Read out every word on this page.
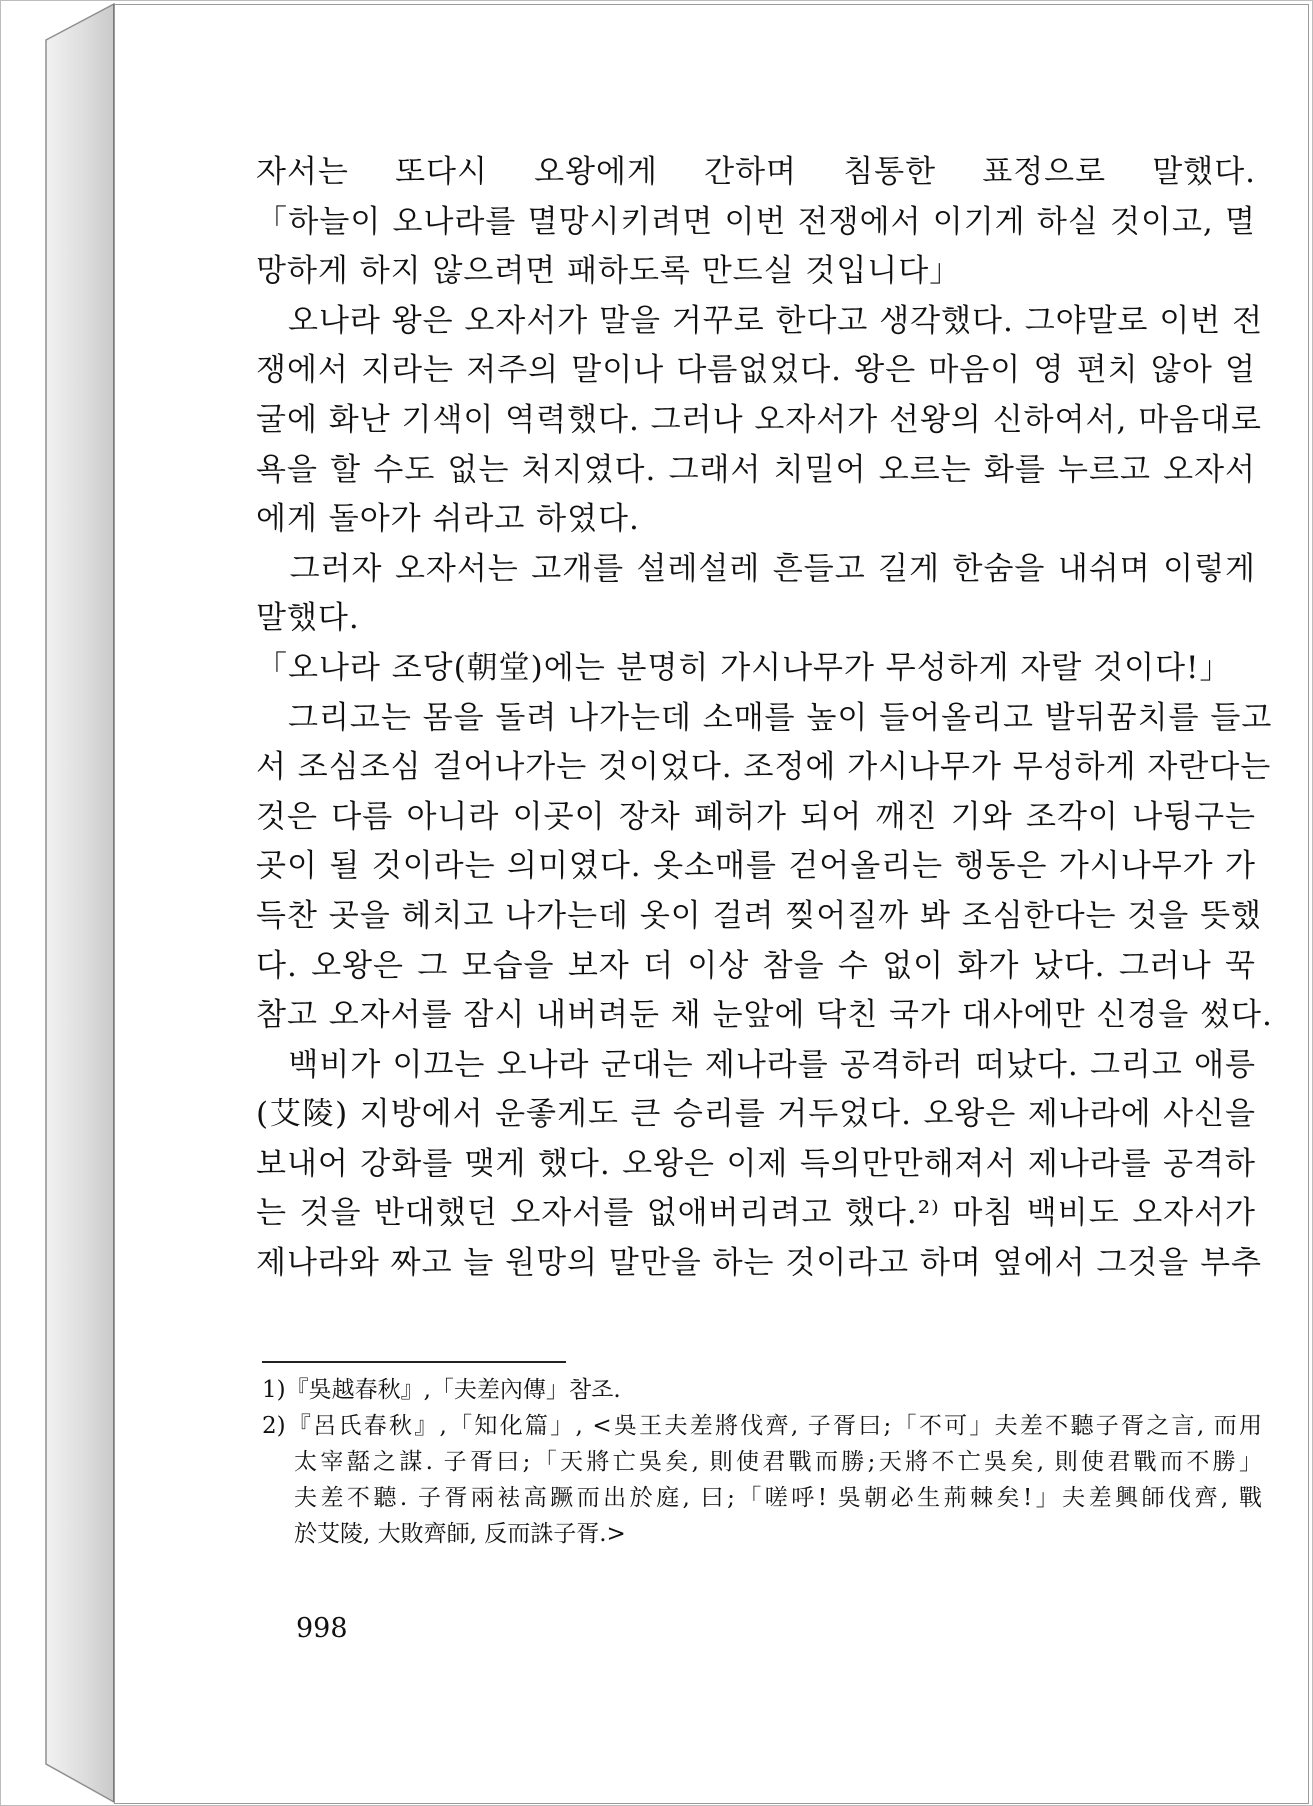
자서는 또다시 오왕에게 간하며 침통한 표정으로 말했다.
「하늘이 오나라를 멸망시키려면 이번 전쟁에서 이기게 하실 것이고, 멸
망하게 하지 않으려면 패하도록 만드실 것입니다」
　오나라 왕은 오자서가 말을 거꾸로 한다고 생각했다. 그야말로 이번 전
쟁에서 지라는 저주의 말이나 다름없었다. 왕은 마음이 영 편치 않아 얼
굴에 화난 기색이 역력했다. 그러나 오자서가 선왕의 신하여서, 마음대로
욕을 할 수도 없는 처지였다. 그래서 치밀어 오르는 화를 누르고 오자서
에게 돌아가 쉬라고 하였다.
　그러자 오자서는 고개를 설레설레 흔들고 길게 한숨을 내쉬며 이렇게
말했다.
「오나라 조당(朝堂)에는 분명히 가시나무가 무성하게 자랄 것이다!」
　그리고는 몸을 돌려 나가는데 소매를 높이 들어올리고 발뒤꿈치를 들고
서 조심조심 걸어나가는 것이었다. 조정에 가시나무가 무성하게 자란다는
것은 다름 아니라 이곳이 장차 폐허가 되어 깨진 기와 조각이 나뒹구는
곳이 될 것이라는 의미였다. 옷소매를 걷어올리는 행동은 가시나무가 가
득찬 곳을 헤치고 나가는데 옷이 걸려 찢어질까 봐 조심한다는 것을 뜻했
다. 오왕은 그 모습을 보자 더 이상 참을 수 없이 화가 났다. 그러나 꾹
참고 오자서를 잠시 내버려둔 채 눈앞에 닥친 국가 대사에만 신경을 썼다.
　백비가 이끄는 오나라 군대는 제나라를 공격하러 떠났다. 그리고 애릉
(艾陵) 지방에서 운좋게도 큰 승리를 거두었다. 오왕은 제나라에 사신을
보내어 강화를 맺게 했다. 오왕은 이제 득의만만해져서 제나라를 공격하
는 것을 반대했던 오자서를 없애버리려고 했다.²⁾ 마침 백비도 오자서가
제나라와 짜고 늘 원망의 말만을 하는 것이라고 하며 옆에서 그것을 부추
1)『吳越春秋』,「夫差內傳」참조.
2)『呂氏春秋』,「知化篇」, <吳王夫差將伐齊, 子胥曰;「不可」夫差不聽子胥之言, 而用
太宰嚭之謀. 子胥曰;「天將亡吳矣, 則使君戰而勝;天將不亡吳矣, 則使君戰而不勝」
夫差不聽. 子胥兩袪高蹶而出於庭, 曰;「嗟呼! 吳朝必生荊棘矣!」夫差興師伐齊, 戰
於艾陵, 大敗齊師, 反而誅子胥.>
998
